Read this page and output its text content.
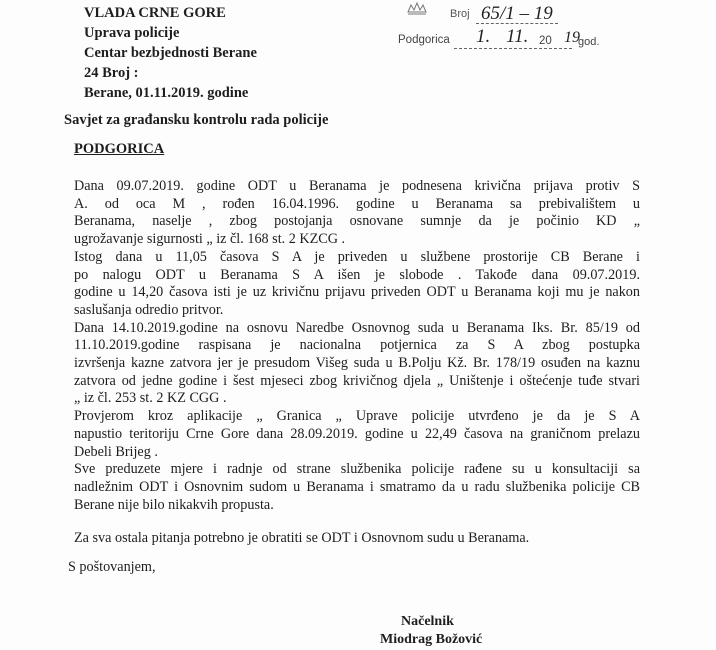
VLADA CRNE GORE
Uprava policije
Centar bezbjednosti Berane
24 Broj :
Berane, 01.11.2019. godine
Broj 65/1 – 19
Podgorica 1. 11. 20 19
god.
Savjet za građansku kontrolu rada policije
PODGORICA

Dana 09.07.2019. godine ODT u Beranama je podnesena krivična prijava protiv S
A. od oca M , rođen 16.04.1996. godine u Beranama sa prebivalištem u
Beranama, naselje , zbog postojanja osnovane sumnje da je počinio KD „
ugrožavanje sigurnosti „ iz čl. 168 st. 2 KZCG .

Istog dana u 11,05 časova S A je priveden u službene prostorije CB Berane i
po nalogu ODT u Beranama S A išen je slobode . Takođe dana 09.07.2019.
godine u 14,20 časova isti je uz krivičnu prijavu priveden ODT u Beranama koji mu je nakon
saslušanja odredio pritvor.

Dana 14.10.2019.godine na osnovu Naredbe Osnovnog suda u Beranama Iks. Br. 85/19 od
11.10.2019.godine raspisana je nacionalna potjernica za S A zbog postupka
izvršenja kazne zatvora jer je presudom Višeg suda u B.Polju Kž. Br. 178/19 osuđen na kaznu
zatvora od jedne godine i šest mjeseci zbog krivičnog djela „ Uništenje i oštećenje tuđe stvari
„ iz čl. 253 st. 2 KZ CGG .

Provjerom kroz aplikacije „ Granica „ Uprave policije utvrđeno je da je S A
napustio teritoriju Crne Gore dana 28.09.2019. godine u 22,49 časova na graničnom prelazu
Debeli Brijeg .

Sve preduzete mjere i radnje od strane službenika policije rađene su u konsultaciji sa
nadležnim ODT i Osnovnim sudom u Beranama i smatramo da u radu službenika policije CB
Berane nije bilo nikakvih propusta.

Za sva ostala pitanja potrebno je obratiti se ODT i Osnovnom sudu u Beranama.
S poštovanjem,
Načelnik
Miodrag Božović
